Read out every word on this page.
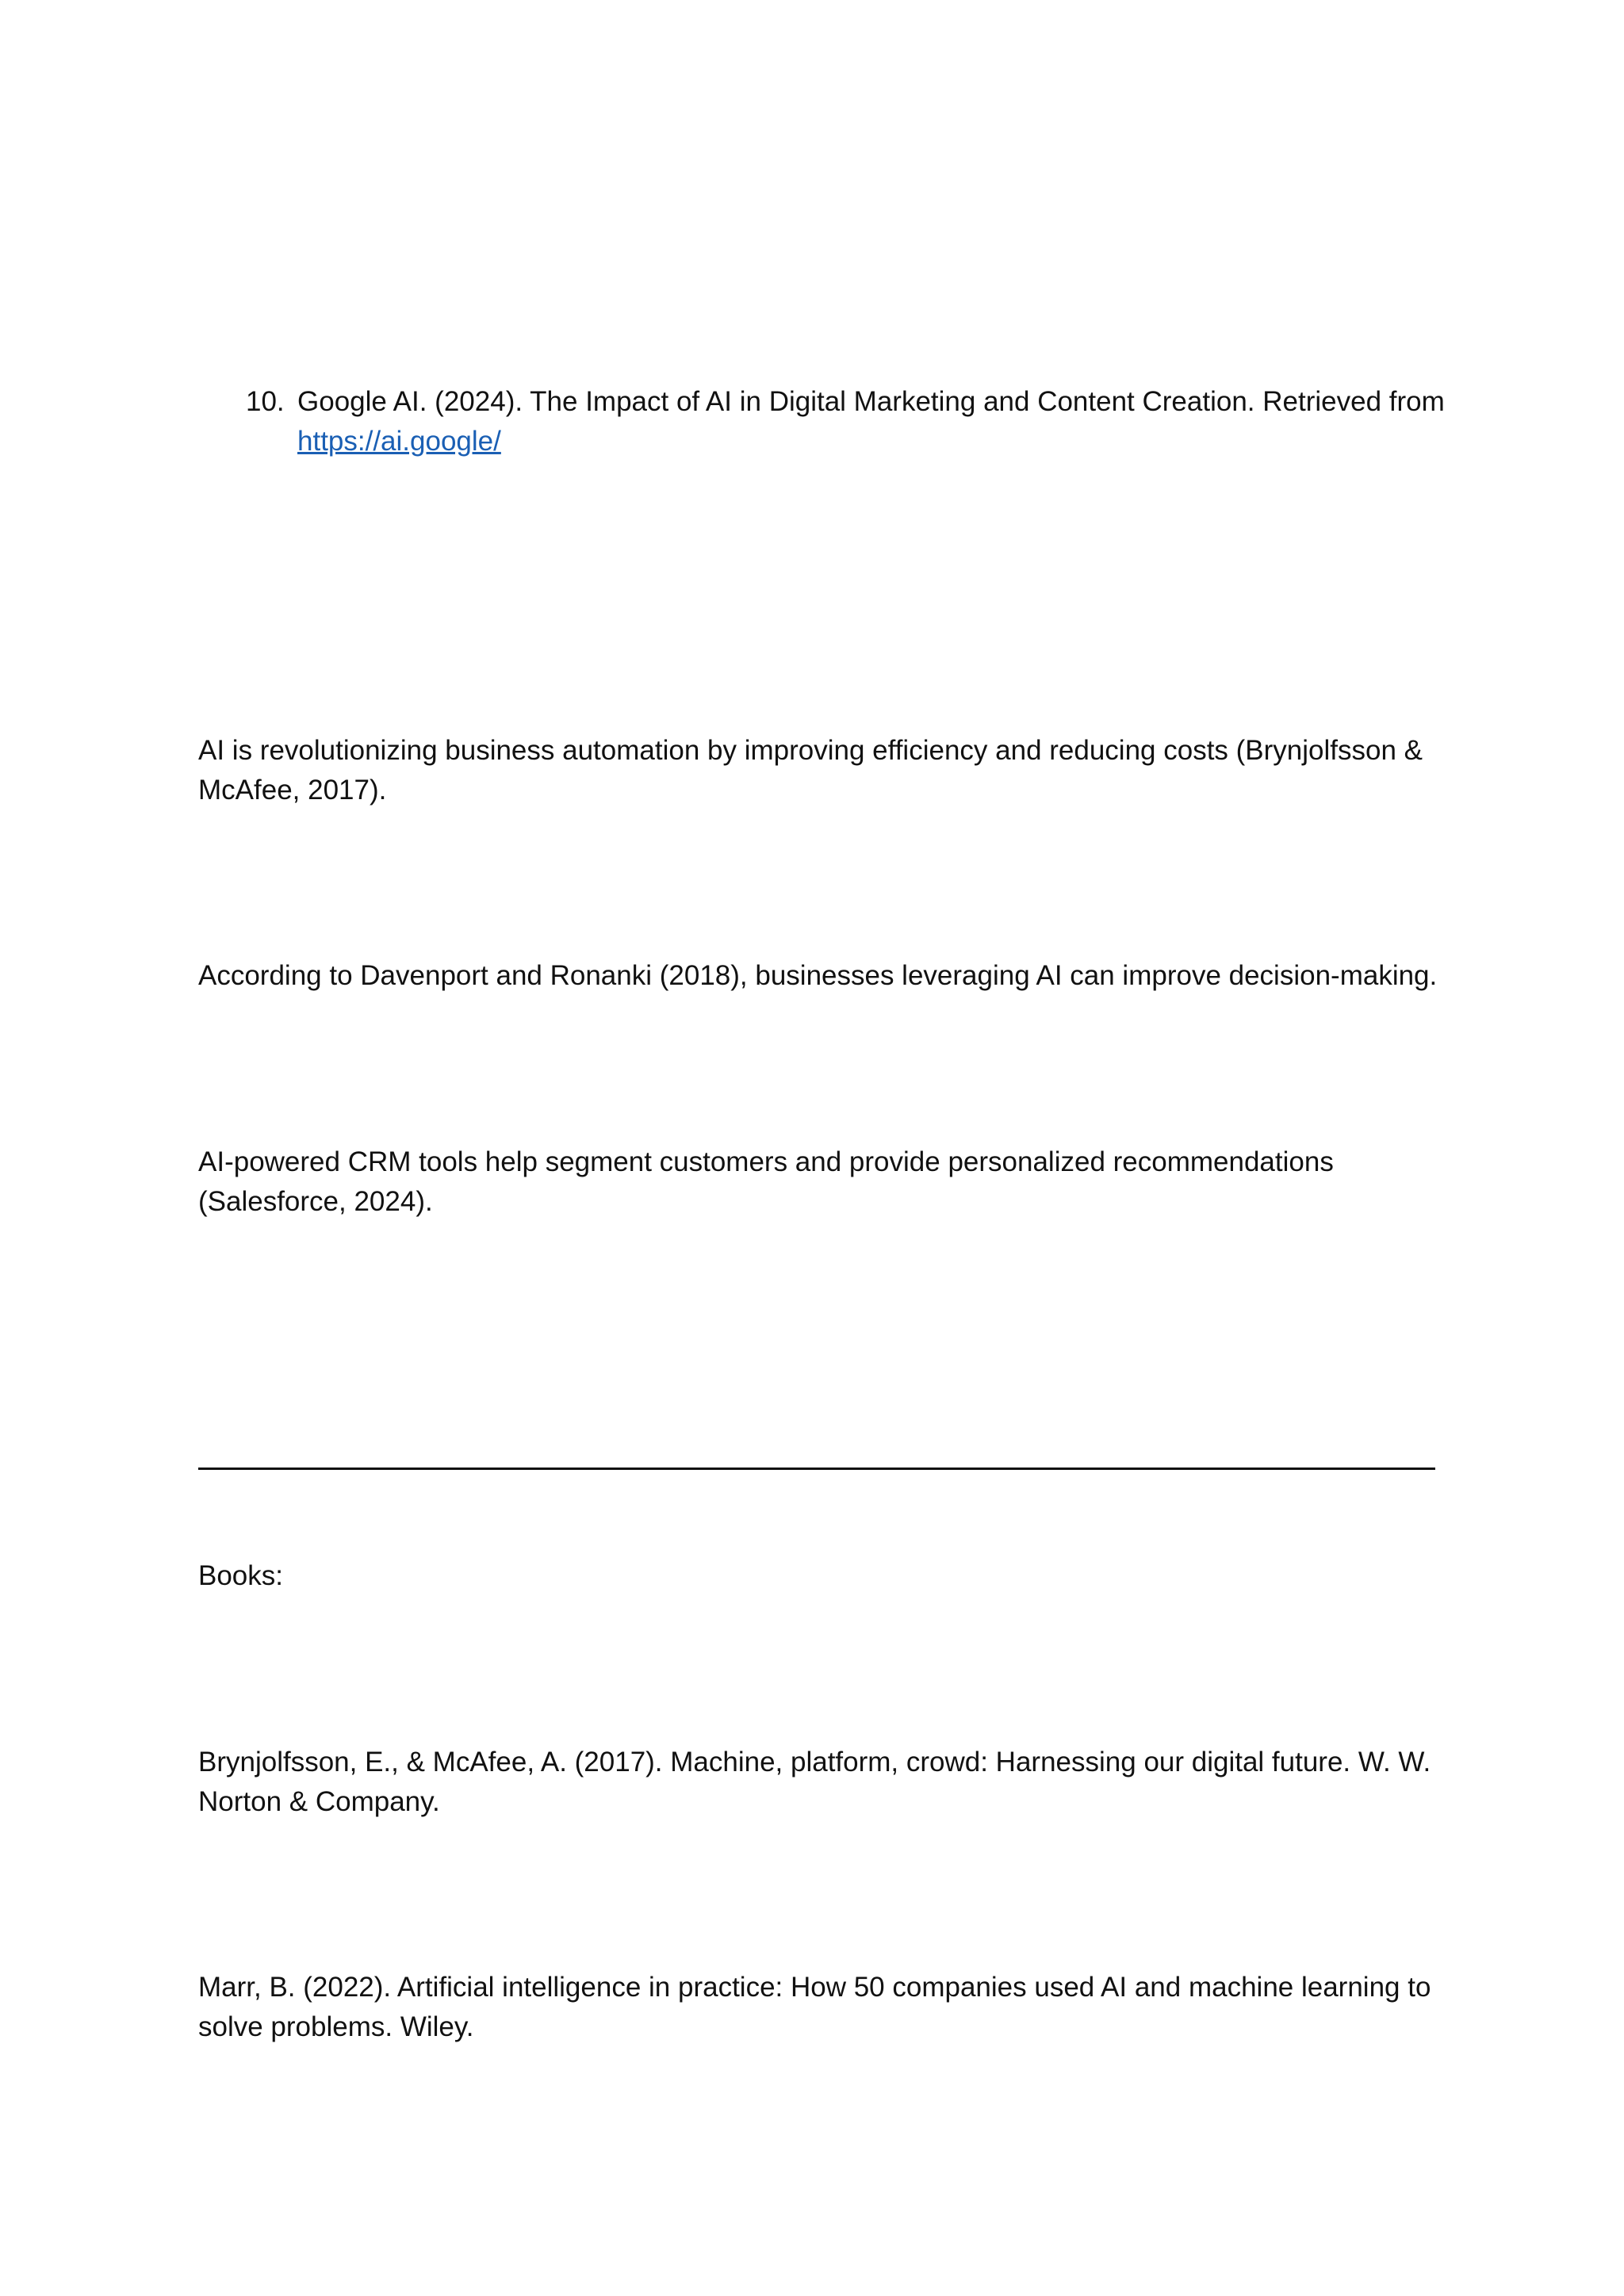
10. Google AI. (2024). The Impact of AI in Digital Marketing and Content Creation. Retrieved from https://ai.google/

AI is revolutionizing business automation by improving efficiency and reducing costs (Brynjolfsson & McAfee, 2017).

According to Davenport and Ronanki (2018), businesses leveraging AI can improve decision-making.

AI-powered CRM tools help segment customers and provide personalized recommendations (Salesforce, 2024).

Books:

Brynjolfsson, E., & McAfee, A. (2017). Machine, platform, crowd: Harnessing our digital future. W. W. Norton & Company.

Marr, B. (2022). Artificial intelligence in practice: How 50 companies used AI and machine learning to solve problems. Wiley.
